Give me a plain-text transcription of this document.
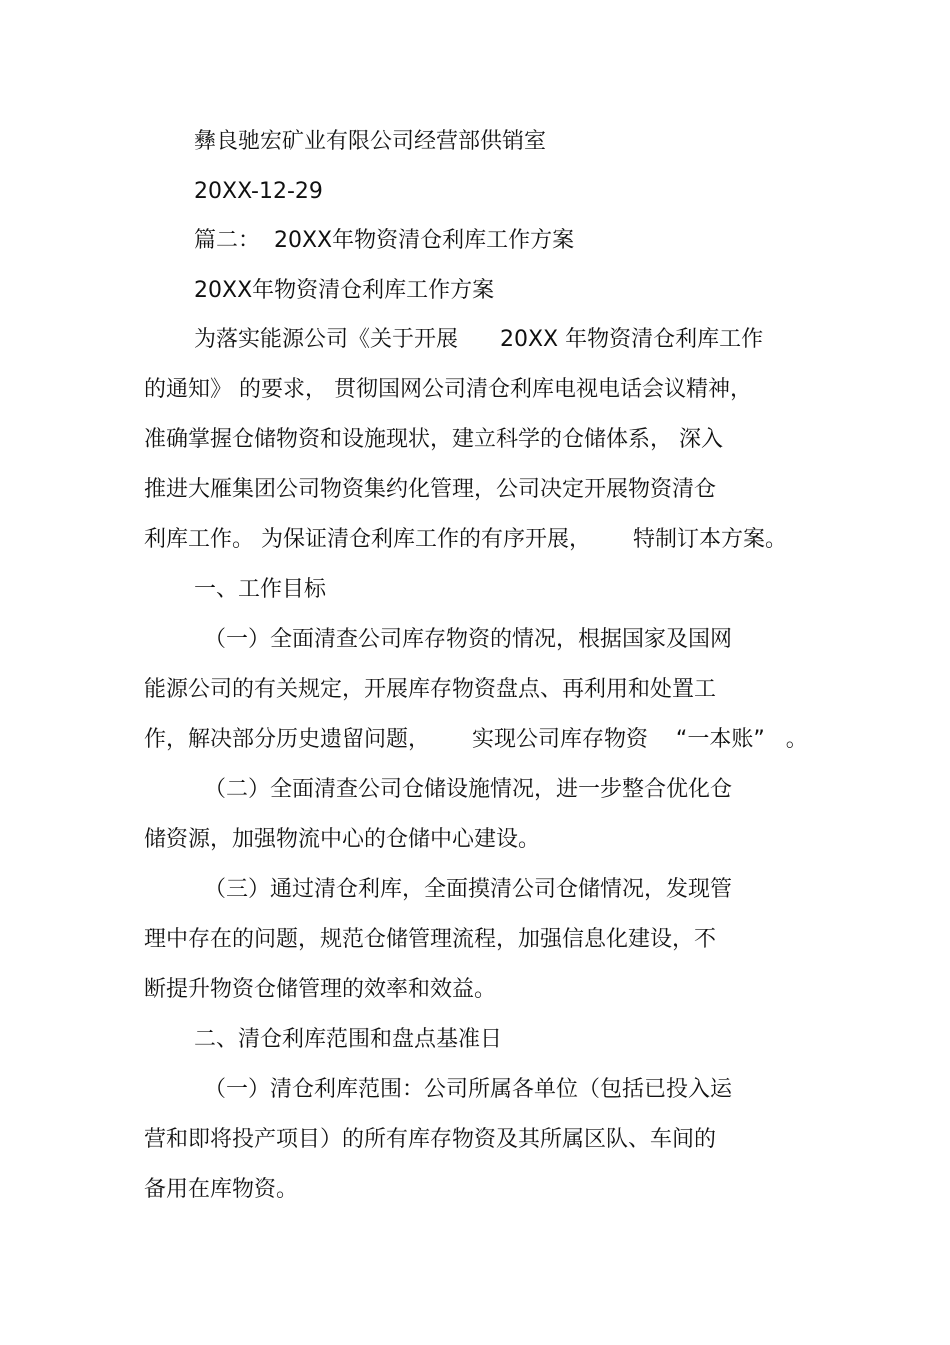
彝良驰宏矿业有限公司经营部供销室

20XX-12-29

篇二：  20XX年物资清仓利库工作方案

20XX年物资清仓利库工作方案

为落实能源公司《关于开展      20XX 年物资清仓利库工作

的通知》 的要求， 贯彻国网公司清仓利库电视电话会议精神，

准确掌握仓储物资和设施现状，建立科学的仓储体系， 深入

推进大雁集团公司物资集约化管理，公司决定开展物资清仓

利库工作。 为保证清仓利库工作的有序开展，      特制订本方案。

一、工作目标

（一）全面清查公司库存物资的情况，根据国家及国网

能源公司的有关规定，开展库存物资盘点、再利用和处置工

作，解决部分历史遗留问题，      实现公司库存物资    “一本账”   。

（二）全面清查公司仓储设施情况，进一步整合优化仓

储资源，加强物流中心的仓储中心建设。

（三）通过清仓利库，全面摸清公司仓储情况，发现管

理中存在的问题，规范仓储管理流程，加强信息化建设，不

断提升物资仓储管理的效率和效益。

二、清仓利库范围和盘点基准日

（一）清仓利库范围：公司所属各单位（包括已投入运

营和即将投产项目）的所有库存物资及其所属区队、车间的

备用在库物资。
